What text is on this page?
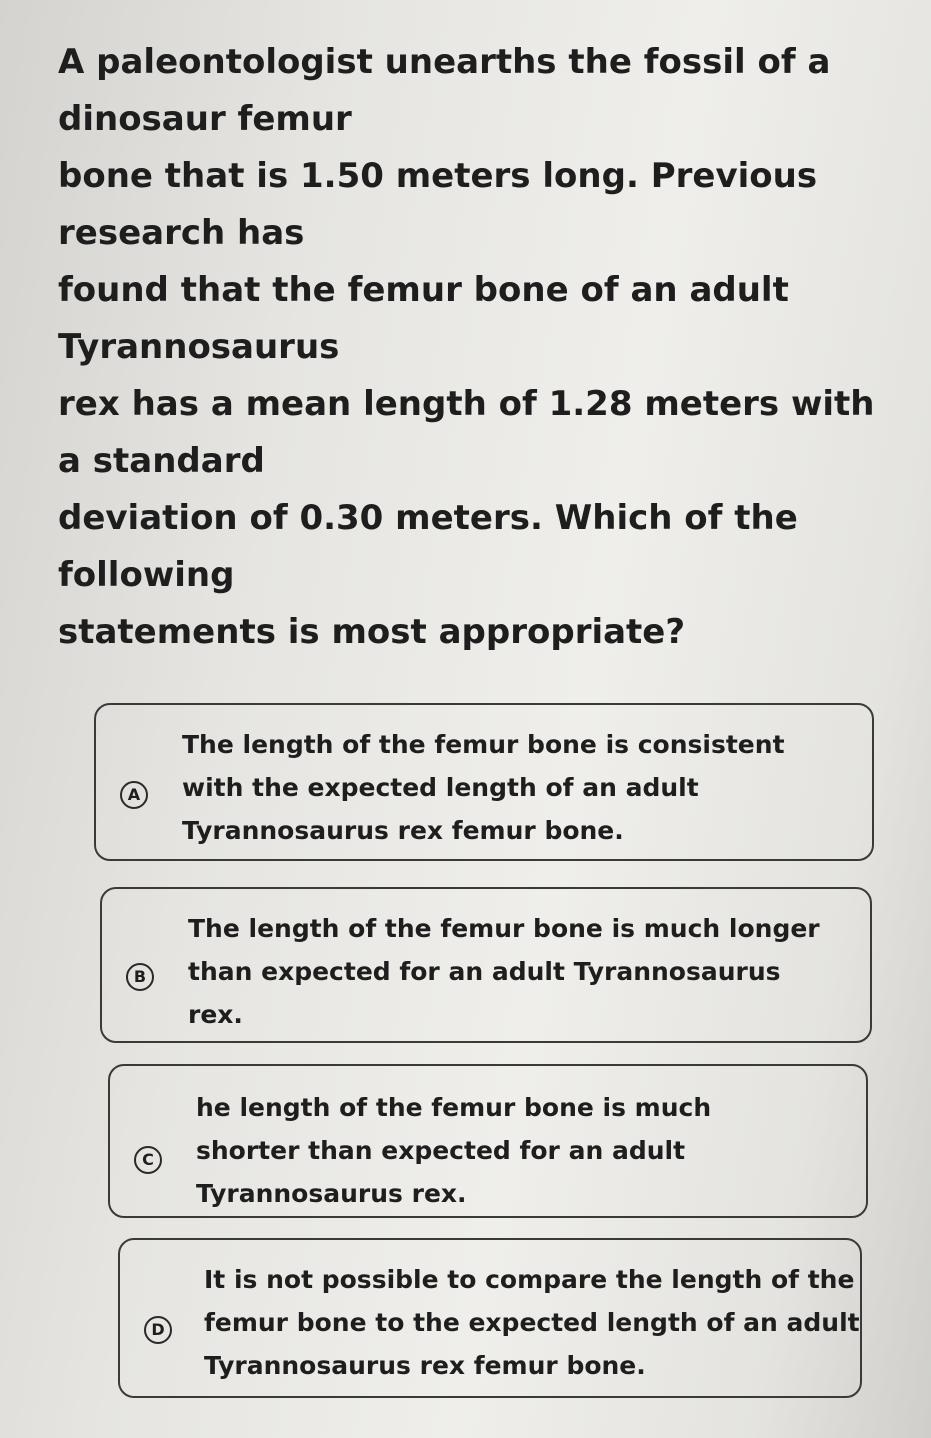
A paleontologist unearths the fossil of a
dinosaur femur
bone that is 1.50 meters long. Previous
research has
found that the femur bone of an adult
Tyrannosaurus
rex has a mean length of 1.28 meters with
a standard
deviation of 0.30 meters. Which of the
following
statements is most appropriate?
A
The length of the femur bone is consistent
with the expected length of an adult
Tyrannosaurus rex femur bone.
B
The length of the femur bone is much longer
than expected for an adult Tyrannosaurus
rex.
C
he length of the femur bone is much
shorter than expected for an adult
Tyrannosaurus rex.
D
It is not possible to compare the length of the
femur bone to the expected length of an adult
Tyrannosaurus rex femur bone.
